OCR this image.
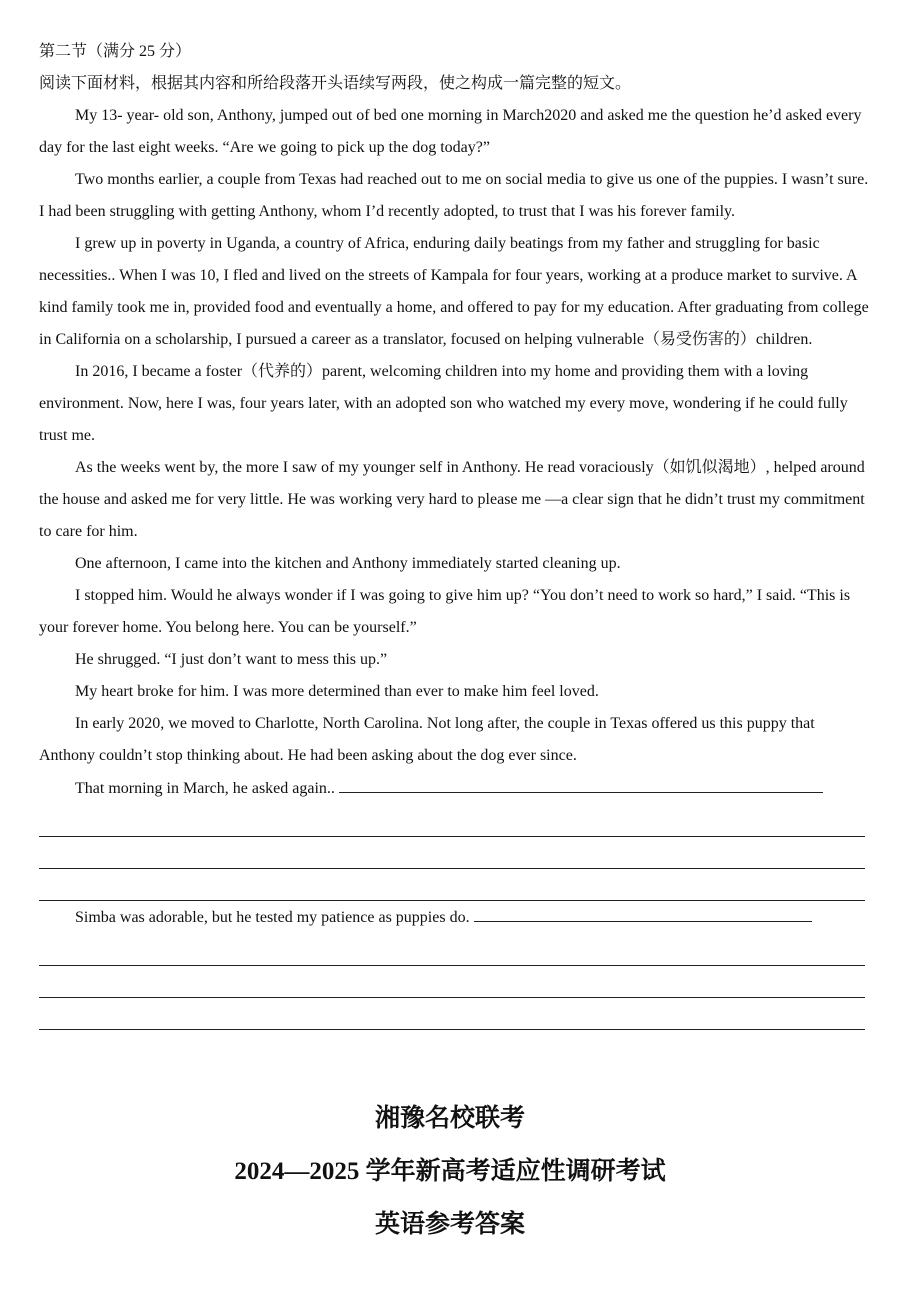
第二节（满分 25 分）

阅读下面材料，根据其内容和所给段落开头语续写两段，使之构成一篇完整的短文。

My 13- year- old son, Anthony, jumped out of bed one morning in March2020 and asked me the question he’d asked every day for the last eight weeks. “Are we going to pick up the dog today?”

Two months earlier, a couple from Texas had reached out to me on social media to give us one of the puppies. I wasn’t sure. I had been struggling with getting Anthony, whom I’d recently adopted, to trust that I was his forever family.

I grew up in poverty in Uganda, a country of Africa, enduring daily beatings from my father and struggling for basic necessities.. When I was 10, I fled and lived on the streets of Kampala for four years, working at a produce market to survive. A kind family took me in, provided food and eventually a home, and offered to pay for my education. After graduating from college in California on a scholarship, I pursued a career as a translator, focused on helping vulnerable（易受伤害的）children.

In 2016, I became a foster（代养的）parent, welcoming children into my home and providing them with a loving environment. Now, here I was, four years later, with an adopted son who watched my every move, wondering if he could fully trust me.

As the weeks went by, the more I saw of my younger self in Anthony. He read voraciously（如饥似渴地）, helped around the house and asked me for very little. He was working very hard to please me —a clear sign that he didn’t trust my commitment to care for him.

One afternoon, I came into the kitchen and Anthony immediately started cleaning up.

I stopped him. Would he always wonder if I was going to give him up? “You don’t need to work so hard,” I said. “This is your forever home. You belong here. You can be yourself.”

He shrugged. “I just don’t want to mess this up.”

My heart broke for him. I was more determined than ever to make him feel loved.

In early 2020, we moved to Charlotte, North Carolina. Not long after, the couple in Texas offered us this puppy that Anthony couldn’t stop thinking about. He had been asking about the dog ever since.

That morning in March, he asked again..

Simba was adorable, but he tested my patience as puppies do.

湘豫名校联考
2024—2025 学年新高考适应性调研考试
英语参考答案
